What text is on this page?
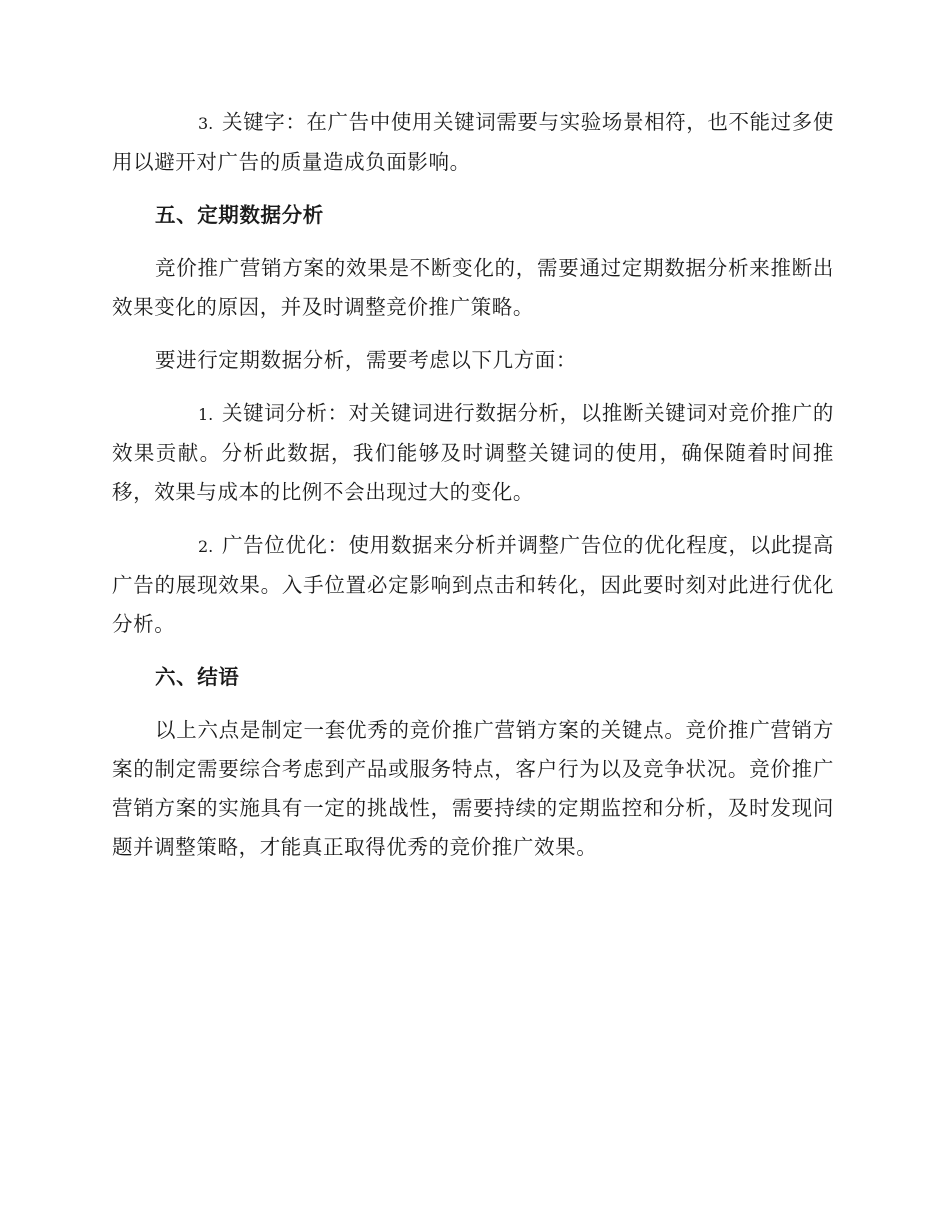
3. 关键字：在广告中使用关键词需要与实验场景相符，也不能过多使用以避开对广告的质量造成负面影响。

五、定期数据分析

竞价推广营销方案的效果是不断变化的，需要通过定期数据分析来推断出效果变化的原因，并及时调整竞价推广策略。

要进行定期数据分析，需要考虑以下几方面：

1. 关键词分析：对关键词进行数据分析，以推断关键词对竞价推广的效果贡献。分析此数据，我们能够及时调整关键词的使用，确保随着时间推移，效果与成本的比例不会出现过大的变化。

2. 广告位优化：使用数据来分析并调整广告位的优化程度，以此提高广告的展现效果。入手位置必定影响到点击和转化，因此要时刻对此进行优化分析。

六、结语

以上六点是制定一套优秀的竞价推广营销方案的关键点。竞价推广营销方案的制定需要综合考虑到产品或服务特点，客户行为以及竞争状况。竞价推广营销方案的实施具有一定的挑战性，需要持续的定期监控和分析，及时发现问题并调整策略，才能真正取得优秀的竞价推广效果。
